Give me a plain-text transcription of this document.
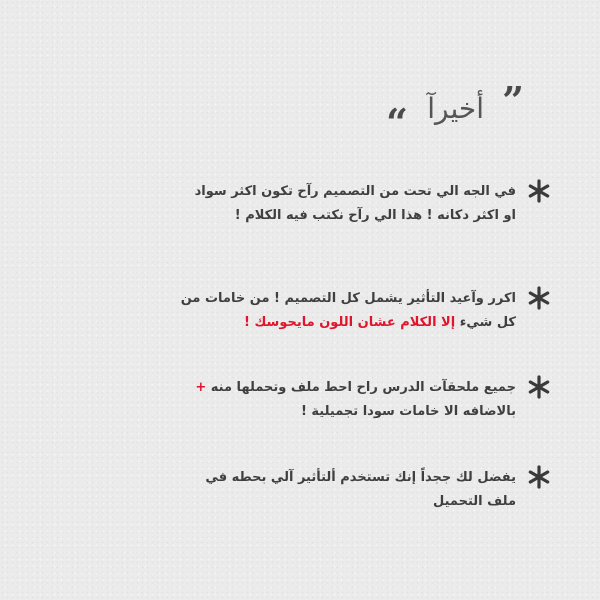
”
أخيرآ
“
في الجه الي تحت من التصميم رآح تكون اكثر سواد
او اكثر دكانه ! هذا الي رآح نكتب فيه الكلام !
اكرر وآعيد التأثير يشمل كل التصميم ! من خامات من
كل شيء إلا الكلام عشان اللون مايحوسك !
جميع ملحقآت الدرس راح احط ملف وتحملها منه +
بالاضافه الا خامات سودا تجميلية !
يفضل لك ججداً إنك تستخدم ألتأثير آلي بحطه في
ملف التحميل
